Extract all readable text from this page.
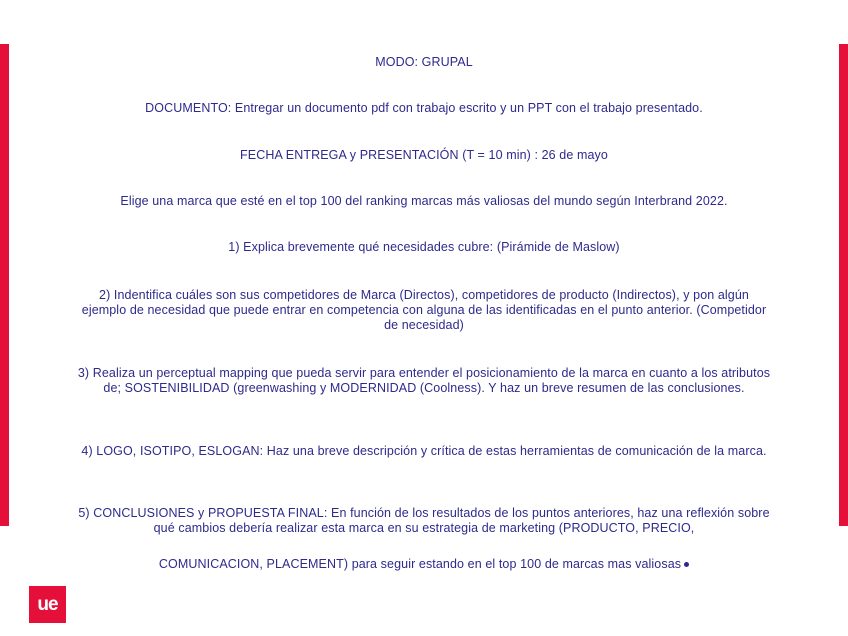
MODO: GRUPAL
DOCUMENTO: Entregar un documento pdf con trabajo escrito y un PPT con el trabajo presentado.
FECHA ENTREGA y PRESENTACIÓN (T = 10 min) : 26 de mayo
Elige una marca que esté en el top 100 del ranking marcas más valiosas del mundo según Interbrand 2022.
1) Explica brevemente qué necesidades cubre: (Pirámide de Maslow)
2) Indentifica cuáles son sus competidores de Marca (Directos), competidores de producto (Indirectos), y pon algún ejemplo de necesidad que puede entrar en competencia con alguna de las identificadas en el punto anterior. (Competidor de necesidad)
3) Realiza un perceptual mapping que pueda servir para entender el posicionamiento de la marca en cuanto a los atributos de; SOSTENIBILIDAD (greenwashing y MODERNIDAD (Coolness). Y haz un breve resumen de las conclusiones.
4) LOGO, ISOTIPO, ESLOGAN: Haz una breve descripción y crítica de estas herramientas de comunicación de la marca.
5) CONCLUSIONES y PROPUESTA FINAL: En función de los resultados de los puntos anteriores, haz una reflexión sobre qué cambios debería realizar esta marca en su estrategia de marketing (PRODUCTO, PRECIO,
COMUNICACION, PLACEMENT) para seguir estando en el top 100 de marcas mas valiosas
ue
